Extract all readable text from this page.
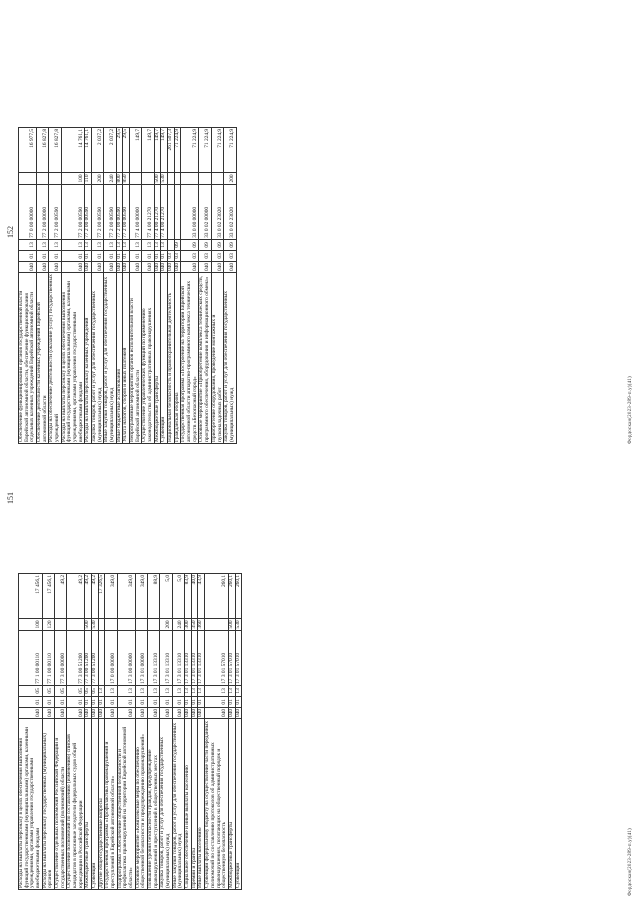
152
Обеспечение функционирования органов государственной власти Еврейской автономной области, обеспечение функционирования отдельных казенных учреждений Еврейской автономной области	040	01	13	77 0 00 00000		16 977,5
Обеспечение деятельности казенных учреждений Еврейской автономной области	040	01	13	77 2 00 00000		16 827,8
Расходы на обеспечение деятельности (оказание услуг) государственных учреждений	040	01	13	77 2 00 00590		16 827,8
Расходы на выплаты персоналу в целях обеспечения выполнения функций государственными (муниципальными) органами, казенными учреждениями, органами управления государственными внебюджетными фондами	040	01	13	77 2 00 00590	100	14 761,1
Расходы на выплаты персоналу казенных учреждений	040	01	13	77 2 00 00590	110	14 761,1
Закупка товаров, работ и услуг для обеспечения государственных (муниципальных) нужд	040	01	13	77 2 00 00590	200	2 037,2
Иные закупки товаров, работ и услуг для обеспечения государственных (муниципальных) нужд	040	01	13	77 2 00 00590	240	2 037,2
Иные бюджетные ассигнования	040	01	13	77 2 00 00590	800	29,5
Уплата налогов, сборов и иных платежей	040	01	13	77 2 00 00590	850	29,5
Непрограммные мероприятия органов исполнительной власти Еврейской автономной области	040	01	13	77 4 00 00000		149,7
Осуществление управленческих функций по применению законодательства об административных правонарушениях	040	01	13	77 4 00 21270		149,7
Межбюджетные трансферты	040	01	13	77 4 00 21270	500	149,7
Субвенции	040	01	13	77 4 00 21270	530	149,7
Национальная безопасность и правоохранительная деятельность	040	03				261 507,3
Гражданская оборона	040	03	09			71 224,9
Государственная программа «Построение на территории Еврейской автономной области аппаратно-программного комплекса технических средств «Безопасный город»	040	03	09	33 0 00 00000		71 224,9
Основное мероприятие «Приобретение комплекса технических средств, программного обеспечения, оборудования и информационного обмена»	040	03	09	33 0 02 00000		71 224,9
Приобретение оборудования, проведение монтажных и пусконаладочных работ	040	03	09	33 0 02 23020		71 224,9
Закупка товаров, работ и услуг для обеспечения государственных (муниципальных) нужд	040	03	09	33 0 02 23020	200	71 224,9
Фордоскан(2023-289-п.у)(41)
151
Расходы на выплаты персоналу в целях обеспечения выполнения функций государственными (муниципальными) органами, казенными учреждениями, органами управления государственными внебюджетными фондами	040	01	05	77 1 00 00110	100	17 456,1
Расходы на выплаты персоналу государственных (муниципальных) органов	040	01	05	77 1 00 00110	120	17 456,1
Осуществление отдельных полномочий Российской Федерации и государственных полномочий (полномочий) области	040	01	05	77 3 00 00000		49,2
Осуществление полномочий по составлению (изменению) списков кандидатов в присяжные заседатели федеральных судов общей юрисдикции в Российской Федерации	040	01	05	77 3 00 51200		49,2
Межбюджетные трансферты	040	01	05	77 3 00 51200	500	49,2
Субвенции	040	01	05	77 3 00 51200	530	49,2
Другие общегосударственные вопросы	040	01	13			17 326,5
Государственная программа «Профилактика правонарушений и преступлений в Еврейской автономной области»	040	01	13	17 0 00 00000		349,0
Подпрограмма «Обеспечение общественной безопасности и профилактика правонарушений на территории Еврейской автономной области»	040	01	13	17 3 00 00000		349,0
Основное мероприятие «Комплексные меры по обеспечению общественной безопасности и предупреждению правонарушений»	040	01	13	17 3 01 00000		349,0
Повышение уровня безопасности граждан, предупреждение правонарушений и преступлений в общественных местах	040	01	13	17 3 01 13310		88,9
Закупка товаров, работ и услуг для обеспечения государственных (муниципальных) нужд	040	01	13	17 3 01 13310	200	5,0
Иные закупки товаров, работ и услуг для обеспечения государственных (муниципальных) нужд	040	01	13	17 3 01 13310	240	5,0
Социальное обеспечение и иные выплаты населению	040	01	13	17 3 01 13310	300	83,9
Премии и гранты	040	01	13	17 3 01 13310	350	40,0
Иные выплаты населению	040	01	13	17 3 01 13310	360	43,9
Субвенции федеральному бюджету на осуществление части переданных полномочий по составлению протоколов об административных правонарушениях, посягающих на общественный порядок и общественную безопасность	040	01	13	17 3 01 57010		260,1
Межбюджетные трансферты	040	01	13	17 3 01 57010	500	260,1
Субвенции	040	01	13	17 3 01 57010	530	260,1
Фордоскан(2023-289-п.у)(41)
